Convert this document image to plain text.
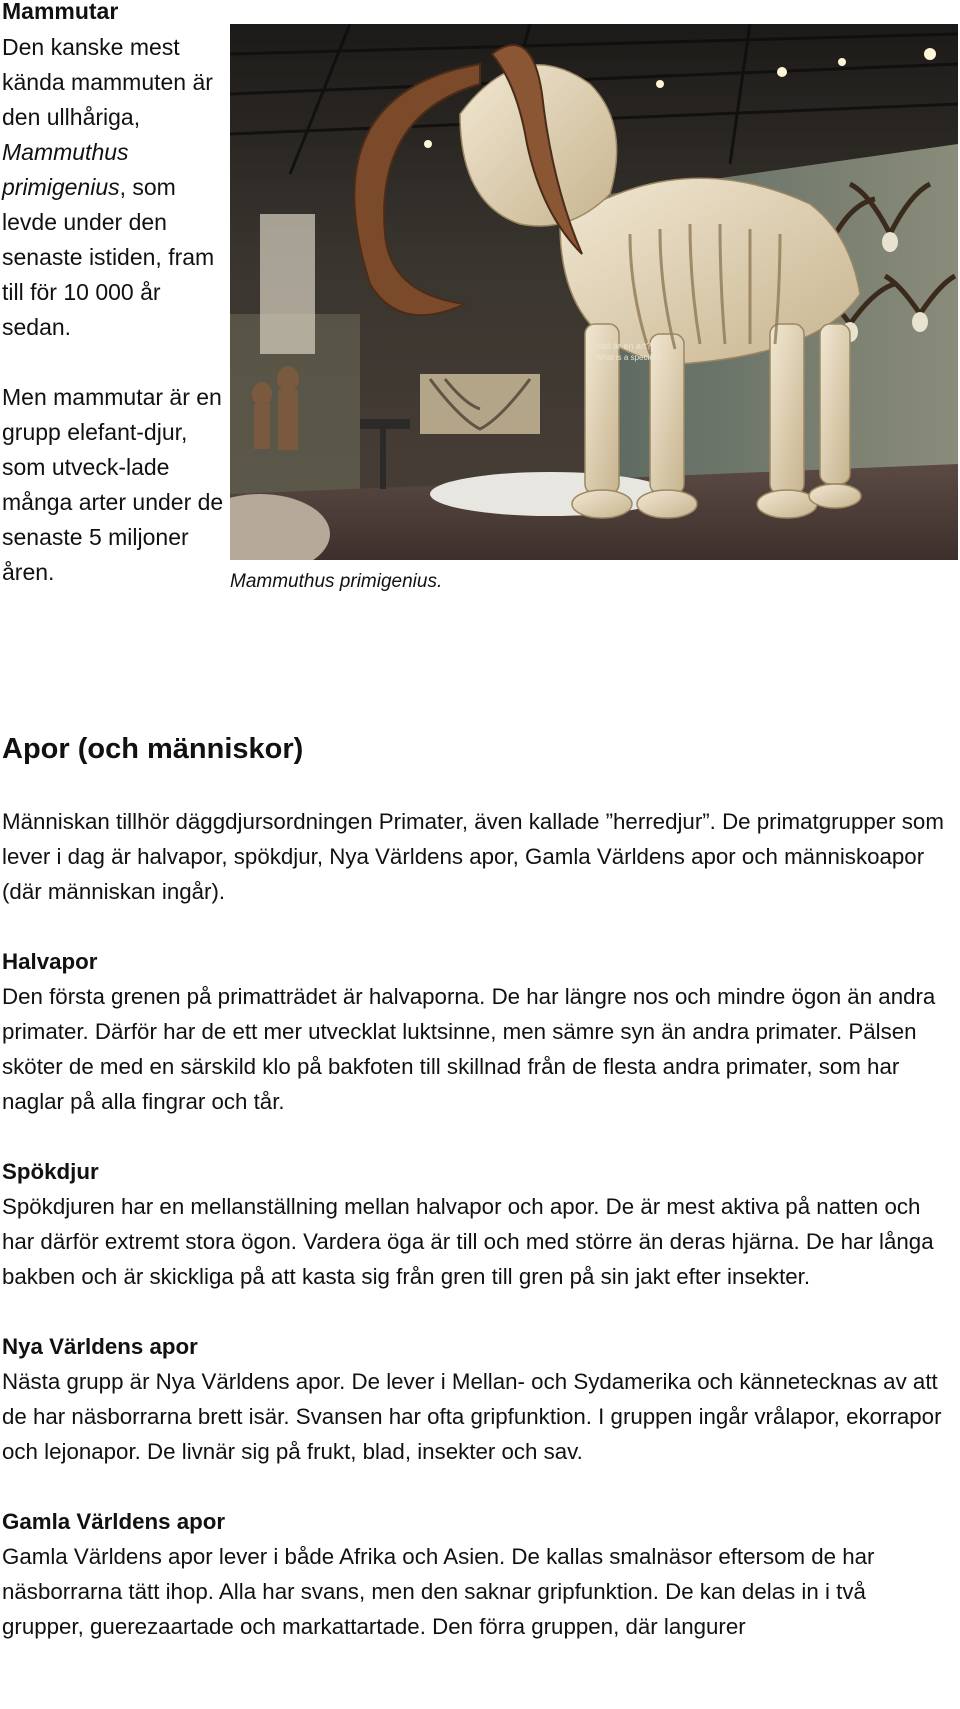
Mammutar

Den kanske mest kända mammuten är den ullhåriga, Mammuthus primigenius, som levde under den senaste istiden, fram till för 10 000 år sedan.

Men mammutar är en grupp elefant-djur, som utveck-lade många arter under de senaste 5 miljoner åren.

Vad är en art?
What is a species?

Mammuthus primigenius.

Apor (och människor)

Människan tillhör däggdjursordningen Primater, även kallade ”herredjur”. De primatgrupper som lever i dag är halvapor, spökdjur, Nya Världens apor, Gamla Världens apor och människoapor (där människan ingår).

Halvapor

Den första grenen på primatträdet är halvaporna. De har längre nos och mindre ögon än andra primater. Därför har de ett mer utvecklat luktsinne, men sämre syn än andra primater. Pälsen sköter de med en särskild klo på bakfoten till skillnad från de flesta andra primater, som har naglar på alla fingrar och tår.

Spökdjur

Spökdjuren har en mellanställning mellan halvapor och apor. De är mest aktiva på natten och har därför extremt stora ögon. Vardera öga är till och med större än deras hjärna. De har långa bakben och är skickliga på att kasta sig från gren till gren på sin jakt efter insekter.

Nya Världens apor

Nästa grupp är Nya Världens apor. De lever i Mellan- och Sydamerika och kännetecknas av att de har näsborrarna brett isär. Svansen har ofta gripfunktion. I gruppen ingår vrålapor, ekorrapor och lejonapor. De livnär sig på frukt, blad, insekter och sav.

Gamla Världens apor

Gamla Världens apor lever i både Afrika och Asien. De kallas smalnäsor eftersom de har näsborrarna tätt ihop. Alla har svans, men den saknar gripfunktion. De kan delas in i två grupper, guerezaartade och markattartade. Den förra gruppen, där langurer
